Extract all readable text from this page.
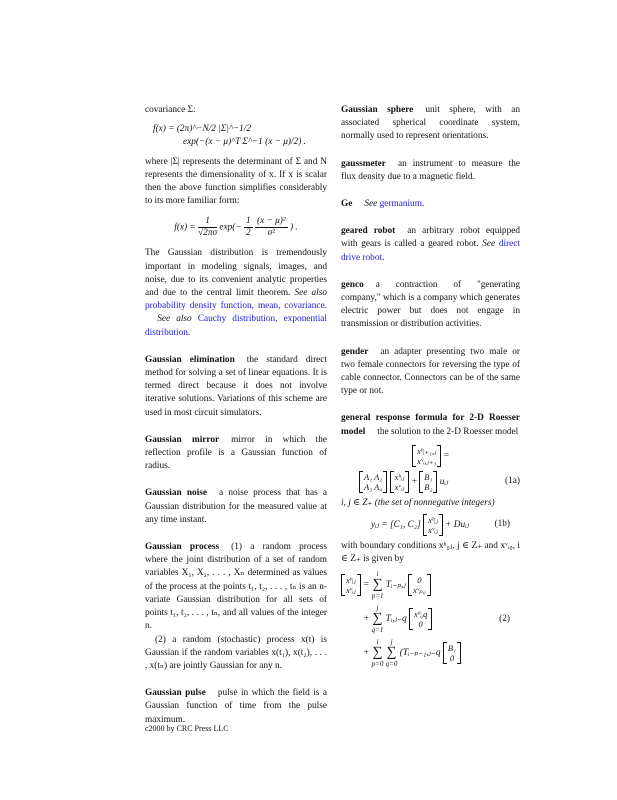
covariance Σ:

f(x) = (2π)^−N/2 |Σ|^−1/2

exp(−(x − μ)^T Σ^−1 (x − μ)/2) .

where |Σ| represents the determinant of Σ and N represents the dimensionality of x. If x is scalar then the above function simplifies considerably to its more familiar form:

$f(x) = \frac{1}{√2\pi\sigma} \exp(- \frac{1}{2}$
$\frac{\text{(x − μ)²}}{\text{σ²}}$ ) .

The Gaussian distribution is tremendously important in modeling signals, images, and noise, due to its convenient analytic properties and due to the central limit theorem. See also probability density function, mean, covariance.   See also Cauchy distribution, exponential distribution.

Gaussian elimination the standard direct method for solving a set of linear equations. It is termed direct because it does not involve iterative solutions. Variations of this scheme are used in most circuit simulators.

Gaussian mirror mirror in which the reflection profile is a Gaussian function of radius.

Gaussian noise a noise process that has a Gaussian distribution for the measured value at any time instant.

Gaussian process (1) a random process where the joint distribution of a set of random variables X₁, X₂, . . . , Xₙ determined as values of the process at the points t₁, t₂, . . . , tₙ is an n-variate Gaussian distribution for all sets of points t₁, t₂, . . . , tₙ, and all values of the integer n.

(2) a random (stochastic) process x(t) is Gaussian if the random variables x(t₁), x(t₂), . . . , x(tₙ) are jointly Gaussian for any n.

Gaussian pulse pulse in which the field is a Gaussian function of time from the pulse maximum.

Gaussian sphere unit sphere, with an associated spherical coordinate system, normally used to represent orientations.

gaussmeter an instrument to measure the flux density due to a magnetic field.

Ge See germanium.

geared robot an arbitrary robot equipped with gears is called a geared robot. See direct drive robot.

genco a contraction of "generating company," which is a company which generates electric power but does not engage in transmission or distribution activities.

gender an adapter presenting two male or two female connectors for reversing the type of cable connector. Connectors can be of the same type or not.

general response formula for 2-D Roesser model the solution to the 2-D Roesser model

xʰᵢ₊₁,ⱼ
xᵛᵢ,ⱼ₊₁ =
A₁ A₂
A₃ A₄

xʰᵢⱼ
xᵛᵢⱼ +
B₁
B₂ uᵢⱼ	(1a)

i, j ∈ Z₊ (the set of nonnegative integers)

yᵢⱼ = [C₁, C₂]
xʰᵢⱼ
xᵛᵢⱼ + Duᵢⱼ	(1b)

with boundary conditions xʰ₀ⱼ, j ∈ Z₊ and xᵛᵢ₀, i ∈ Z₊ is given by

xʰᵢⱼ
xᵛᵢⱼ = i
∑
p=1 Tᵢ₋ₚ,ⱼ
0
xᵛₚ₀
+ j
∑
q=1 Tᵢ,ⱼ₋q
xʰ₀q
0
(2)
+ i
∑
p=0 j
∑
q=0 (Tᵢ₋ₚ₋₁,ⱼ₋q
B₁
0
c2000 by CRC Press LLC
